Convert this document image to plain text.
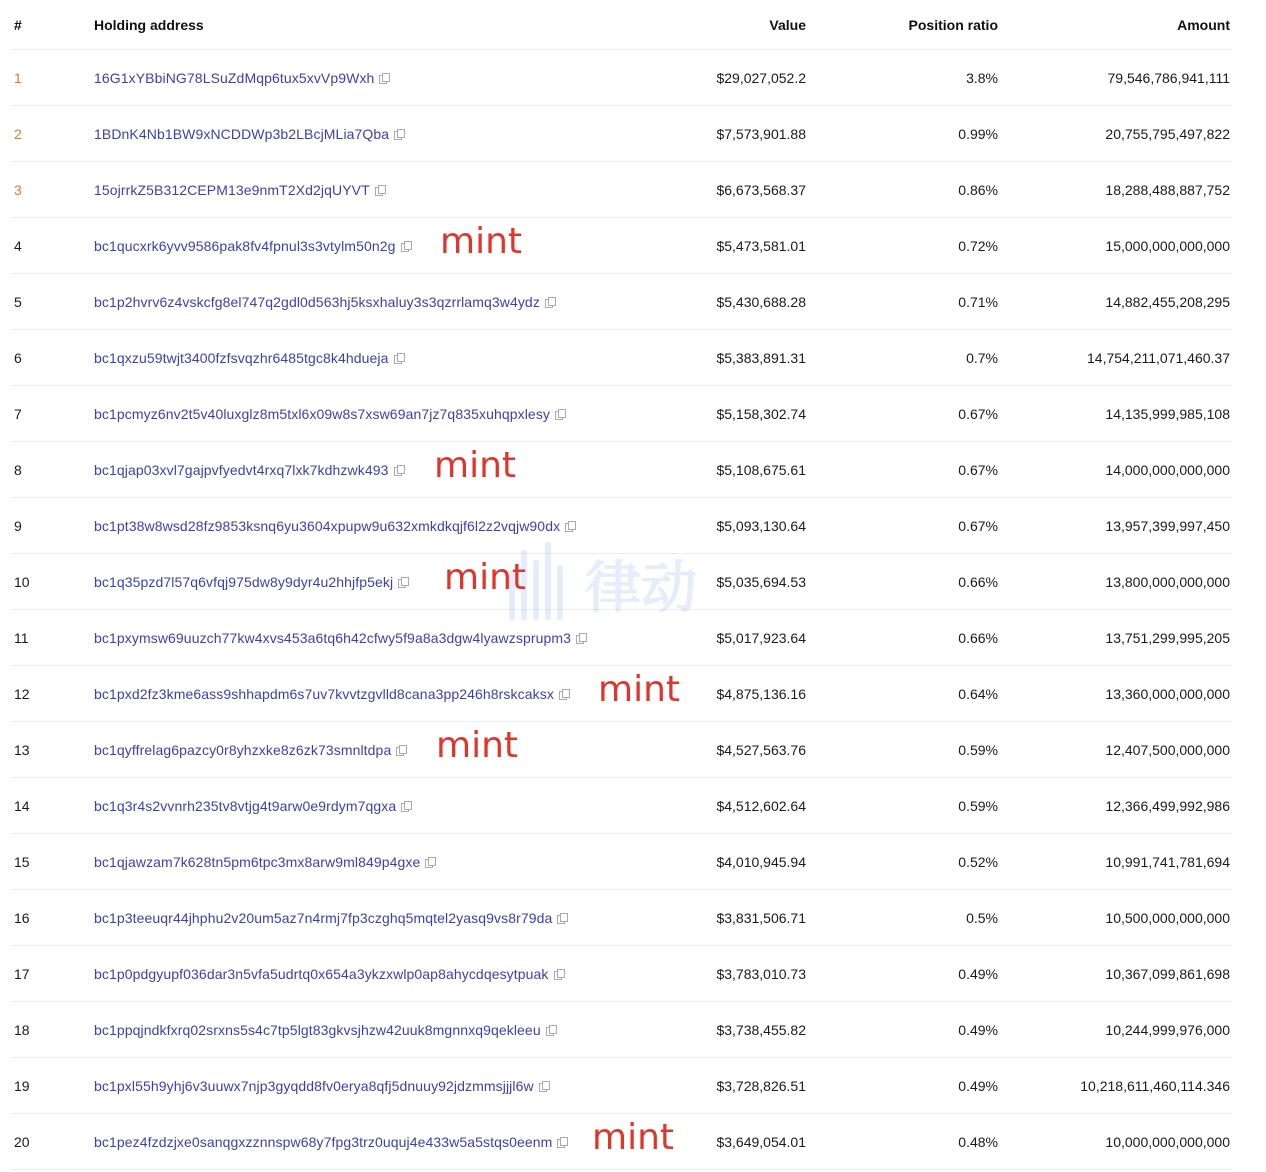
#	Holding address	Value	Position ratio	Amount
1	16G1xYBbiNG78LSuZdMqp6tux5xvVp9Wxh	$29,027,052.2	3.8%	79,546,786,941,111
2	1BDnK4Nb1BW9xNCDDWp3b2LBcjMLia7Qba	$7,573,901.88	0.99%	20,755,795,497,822
3	15ojrrkZ5B312CEPM13e9nmT2Xd2jqUYVT	$6,673,568.37	0.86%	18,288,488,887,752
4	bc1qucxrk6yvv9586pak8fv4fpnul3s3vtylm50n2g	$5,473,581.01	0.72%	15,000,000,000,000
mint
5	bc1p2hvrv6z4vskcfg8el747q2gdl0d563hj5ksxhaluy3s3qzrrlamq3w4ydz	$5,430,688.28	0.71%	14,882,455,208,295
6	bc1qxzu59twjt3400fzfsvqzhr6485tgc8k4hdueja	$5,383,891.31	0.7%	14,754,211,071,460.37
7	bc1pcmyz6nv2t5v40luxglz8m5txl6x09w8s7xsw69an7jz7q835xuhqpxlesy	$5,158,302.74	0.67%	14,135,999,985,108
8	bc1qjap03xvl7gajpvfyedvt4rxq7lxk7kdhzwk493	$5,108,675.61	0.67%	14,000,000,000,000
mint
9	bc1pt38w8wsd28fz9853ksnq6yu3604xpupw9u632xmkdkqjf6l2z2vqjw90dx	$5,093,130.64	0.67%	13,957,399,997,450
10	bc1q35pzd7l57q6vfqj975dw8y9dyr4u2hhjfp5ekj	$5,035,694.53	0.66%	13,800,000,000,000
mint
11	bc1pxymsw69uuzch77kw4xvs453a6tq6h42cfwy5f9a8a3dgw4lyawzsprupm3	$5,017,923.64	0.66%	13,751,299,995,205
12	bc1pxd2fz3kme6ass9shhapdm6s7uv7kvvtzgvlld8cana3pp246h8rskcaksx	$4,875,136.16	0.64%	13,360,000,000,000
mint
13	bc1qyffrelag6pazcy0r8yhzxke8z6zk73smnltdpa	$4,527,563.76	0.59%	12,407,500,000,000
mint
14	bc1q3r4s2vvnrh235tv8vtjg4t9arw0e9rdym7qgxa	$4,512,602.64	0.59%	12,366,499,992,986
15	bc1qjawzam7k628tn5pm6tpc3mx8arw9ml849p4gxe	$4,010,945.94	0.52%	10,991,741,781,694
16	bc1p3teeuqr44jhphu2v20um5az7n4rmj7fp3czghq5mqtel2yasq9vs8r79da	$3,831,506.71	0.5%	10,500,000,000,000
17	bc1p0pdgyupf036dar3n5vfa5udrtq0x654a3ykzxwlp0ap8ahycdqesytpuak	$3,783,010.73	0.49%	10,367,099,861,698
18	bc1ppqjndkfxrq02srxns5s4c7tp5lgt83gkvsjhzw42uuk8mgnnxq9qekleeu	$3,738,455.82	0.49%	10,244,999,976,000
19	bc1pxl55h9yhj6v3uuwx7njp3gyqdd8fv0erya8qfj5dnuuy92jdzmmsjjjl6w	$3,728,826.51	0.49%	10,218,611,460,114.346
20	bc1pez4fzdzjxe0sanqgxzznnspw68y7fpg3trz0uquj4e433w5a5stqs0eenm	$3,649,054.01	0.48%	10,000,000,000,000
mint
律动
